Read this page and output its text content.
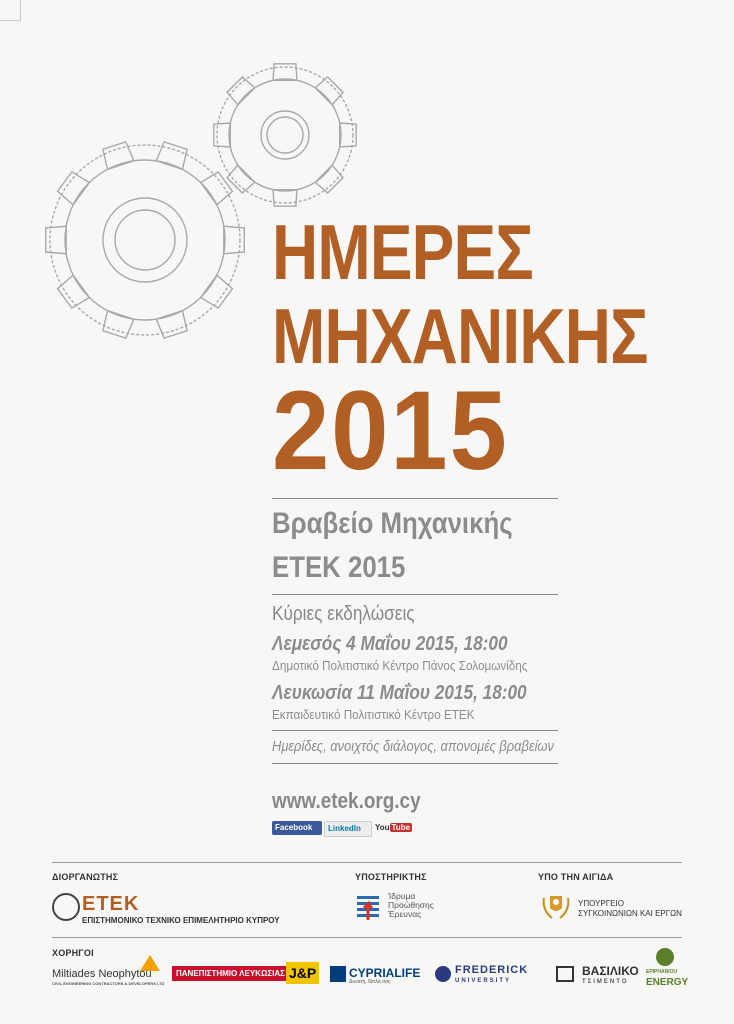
ΗΜΕΡΕΣ
ΜΗΧΑΝΙΚΗΣ
2015
Βραβείο Μηχανικής
ΕΤΕΚ 2015
Κύριες εκδηλώσεις
Λεμεσός 4 Μαΐου 2015, 18:00
Δημοτικό Πολιτιστικό Κέντρο Πάνος Σολομωνίδης
Λευκωσία 11 Μαΐου 2015, 18:00
Εκπαιδευτικό Πολιτιστικό Κέντρο ΕΤΕΚ
Ημερίδες, ανοιχτός διάλογος, απονομές βραβείων
www.etek.org.cy
Facebook	LinkedIn	You Tube
ΔΙΟΡΓΑΝΩΤΗΣ
ΕΤΕΚ
ΕΠΙΣΤΗΜΟΝΙΚΟ ΤΕΧΝΙΚΟ ΕΠΙΜΕΛΗΤΗΡΙΟ ΚΥΠΡΟΥ
ΥΠΟΣΤΗΡΙΚΤΗΣ
Ίδρυμα
Προώθησης
Έρευνας
ΥΠΟ ΤΗΝ ΑΙΓΙΔΑ
ΥΠΟΥΡΓΕΙΟ
ΣΥΓΚΟΙΝΩΝΙΩΝ ΚΑΙ ΕΡΓΩΝ
ΧΟΡΗΓΟΙ
Miltiades Neophytou
CIVIL ENGINEERING CONTRACTORS & DEVELOPERS LTD
ΠΑΝΕΠΙΣΤΗΜΙΟ ΛΕΥΚΩΣΙΑΣ J&P	CYPRIALIFE
Δυνατή, δίπλα σας
FREDERICK
UNIVERSITY
ΒΑΣΙΛΙΚΟ
ΤΣΙΜΕΝΤΟ
EPIPHANIOU
ENERGY
